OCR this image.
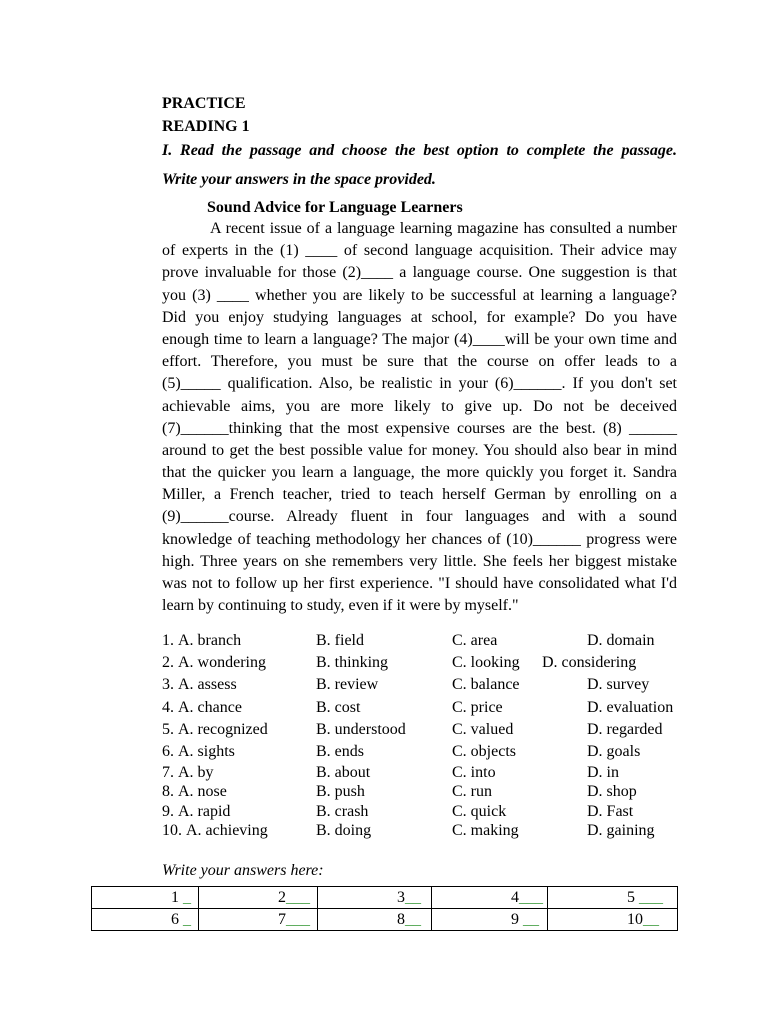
PRACTICE
READING 1
I. Read the passage and choose the best option to complete the passage.
Write your answers in the space provided.
Sound Advice for Language Learners
A recent issue of a language learning magazine has consulted a number
of experts in the (1) ____ of second language acquisition. Their advice may
prove invaluable for those (2)____ a language course. One suggestion is that
you (3) ____ whether you are likely to be successful at learning a language?
Did you enjoy studying languages at school, for example? Do you have
enough time to learn a language? The major (4)____will be your own time and
effort. Therefore, you must be sure that the course on offer leads to a
(5)_____ qualification. Also, be realistic in your (6)______. If you don't set
achievable aims, you are more likely to give up. Do not be deceived
(7)______thinking that the most expensive courses are the best. (8) ______
around to get the best possible value for money. You should also bear in mind
that the quicker you learn a language, the more quickly you forget it. Sandra
Miller, a French teacher, tried to teach herself German by enrolling on a
(9)______course. Already fluent in four languages and with a sound
knowledge of teaching methodology her chances of (10)______ progress were
high. Three years on she remembers very little. She feels her biggest mistake
was not to follow up her first experience. "I should have consolidated what I'd
learn by continuing to study, even if it were by myself."
1. A. branch	B. field	C. area	D. domain
2. A. wondering	B. thinking	C. looking D. considering
3. A. assess	B. review	C. balance	D. survey
4. A. chance	B. cost	C. price	D. evaluation
5. A. recognized	B. understood	C. valued	D. regarded
6. A. sights	B. ends	C. objects	D. goals
7. A. by	B. about	C. into	D. in
8. A. nose	B. push	C. run	D. shop
9. A. rapid	B. crash	C. quick	D. Fast
10. A. achieving	B. doing	C. making	D. gaining
Write your answers here:
1 _	2___	3__	4___	5 ___
6 _	7___	8__	9 __	10__
